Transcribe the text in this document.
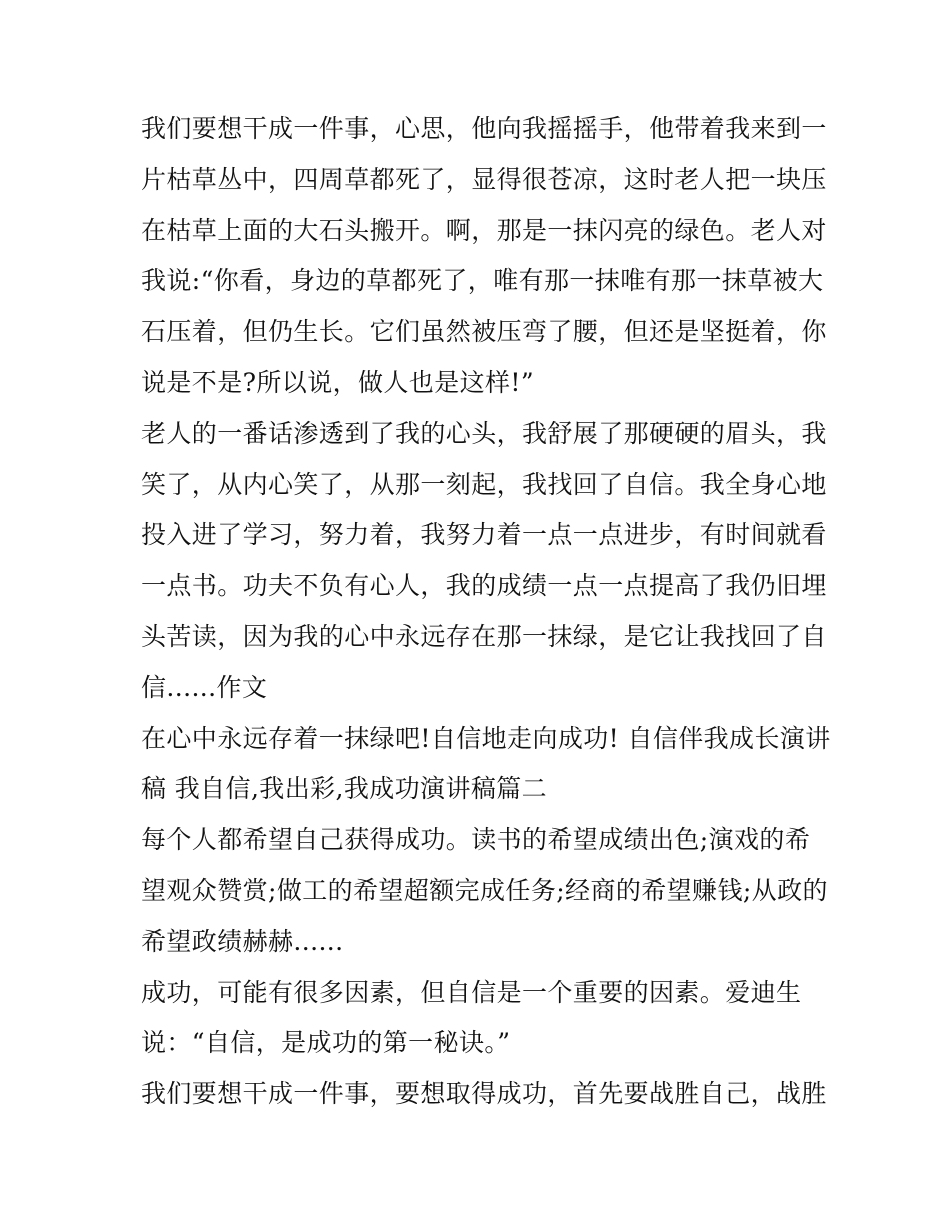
我们要想干成一件事，心思，他向我摇摇手，他带着我来到一
片枯草丛中，四周草都死了，显得很苍凉，这时老人把一块压
在枯草上面的大石头搬开。啊，那是一抹闪亮的绿色。老人对
我说:“你看，身边的草都死了，唯有那一抹唯有那一抹草被大
石压着，但仍生长。它们虽然被压弯了腰，但还是坚挺着，你
说是不是?所以说，做人也是这样!”
老人的一番话渗透到了我的心头，我舒展了那硬硬的眉头，我
笑了，从内心笑了，从那一刻起，我找回了自信。我全身心地
投入进了学习，努力着，我努力着一点一点进步，有时间就看
一点书。功夫不负有心人，我的成绩一点一点提高了我仍旧埋
头苦读，因为我的心中永远存在那一抹绿，是它让我找回了自
信......作文
在心中永远存着一抹绿吧!自信地走向成功! 自信伴我成长演讲
稿 我自信,我出彩,我成功演讲稿篇二
每个人都希望自己获得成功。读书的希望成绩出色;演戏的希
望观众赞赏;做工的希望超额完成任务;经商的希望赚钱;从政的
希望政绩赫赫......
成功，可能有很多因素，但自信是一个重要的因素。爱迪生
说：“自信，是成功的第一秘诀。”
我们要想干成一件事，要想取得成功，首先要战胜自己，战胜
